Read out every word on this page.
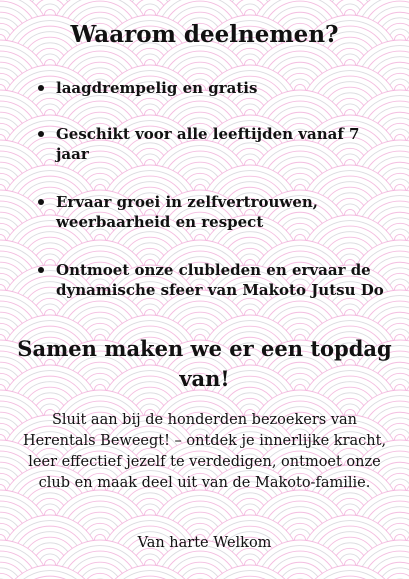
Waarom deelnemen?
laagdrempelig en gratis
Geschikt voor alle leeftijden vanaf 7 jaar
Ervaar groei in zelfvertrouwen, weerbaarheid en respect
Ontmoet onze clubleden en ervaar de dynamische sfeer van Makoto Jutsu Do
Samen maken we er een topdag van!

Sluit aan bij de honderden bezoekers van Herentals Beweegt! – ontdek je innerlijke kracht, leer effectief jezelf te verdedigen, ontmoet onze club en maak deel uit van de Makoto-familie.

Van harte Welkom
